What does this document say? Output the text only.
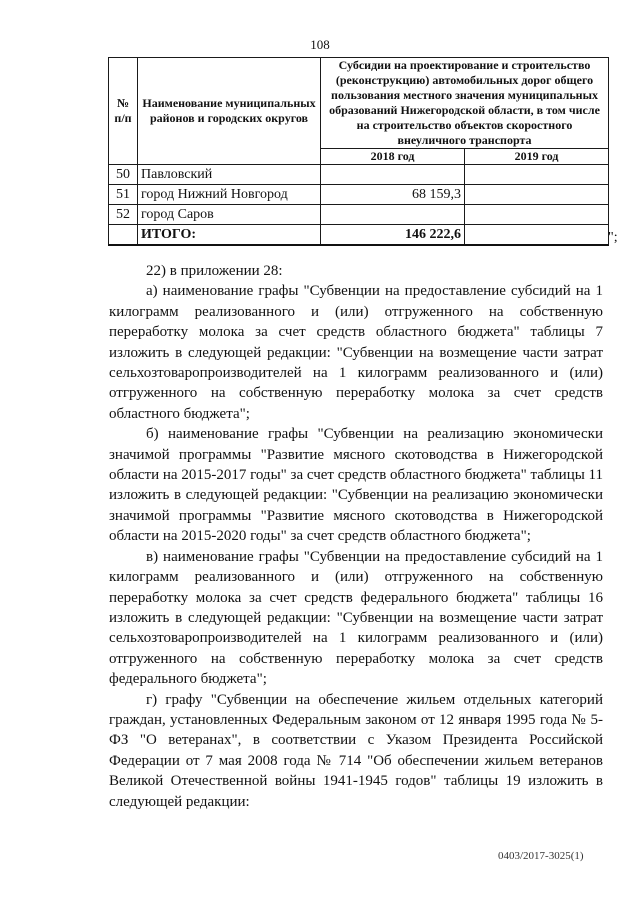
108
№ п/п	Наименование муниципальных районов и городских округов	Субсидии на проектирование и строительство (реконструкцию) автомобильных дорог общего пользования местного значения муниципальных образований Нижегородской области, в том числе на строительство объектов скоростного внеуличного транспорта	
		2018 год	2019 год
50	Павловский		
51	город Нижний Новгород	68 159,3	
52	город Саров		
	ИТОГО:	146 222,6		";

22) в приложении 28:

а) наименование графы "Субвенции на предоставление субсидий на 1 килограмм реализованного и (или) отгруженного на собственную переработку молока за счет средств областного бюджета" таблицы 7 изложить в следующей редакции: "Субвенции на возмещение части затрат сельхозтоваропроизводителей на 1 килограмм реализованного и (или) отгруженного на собственную переработку молока за счет средств областного бюджета";

б) наименование графы "Субвенции на реализацию экономически значимой программы "Развитие мясного скотоводства в Нижегородской области на 2015-2017 годы" за счет средств областного бюджета" таблицы 11 изложить в следующей редакции: "Субвенции на реализацию экономически значимой программы "Развитие мясного скотоводства в Нижегородской области на 2015-2020 годы" за счет средств областного бюджета";

в) наименование графы "Субвенции на предоставление субсидий на 1 килограмм реализованного и (или) отгруженного на собственную переработку молока за счет средств федерального бюджета" таблицы 16 изложить в следующей редакции: "Субвенции на возмещение части затрат сельхозтоваропроизводителей на 1 килограмм реализованного и (или) отгруженного на собственную переработку молока за счет средств федерального бюджета";

г) графу "Субвенции на обеспечение жильем отдельных категорий граждан, установленных Федеральным законом от 12 января 1995 года № 5-ФЗ "О ветеранах", в соответствии с Указом Президента Российской Федерации от 7 мая 2008 года № 714 "Об обеспечении жильем ветеранов Великой Отечественной войны 1941-1945 годов" таблицы 19 изложить в следующей редакции:

0403/2017-3025(1)
